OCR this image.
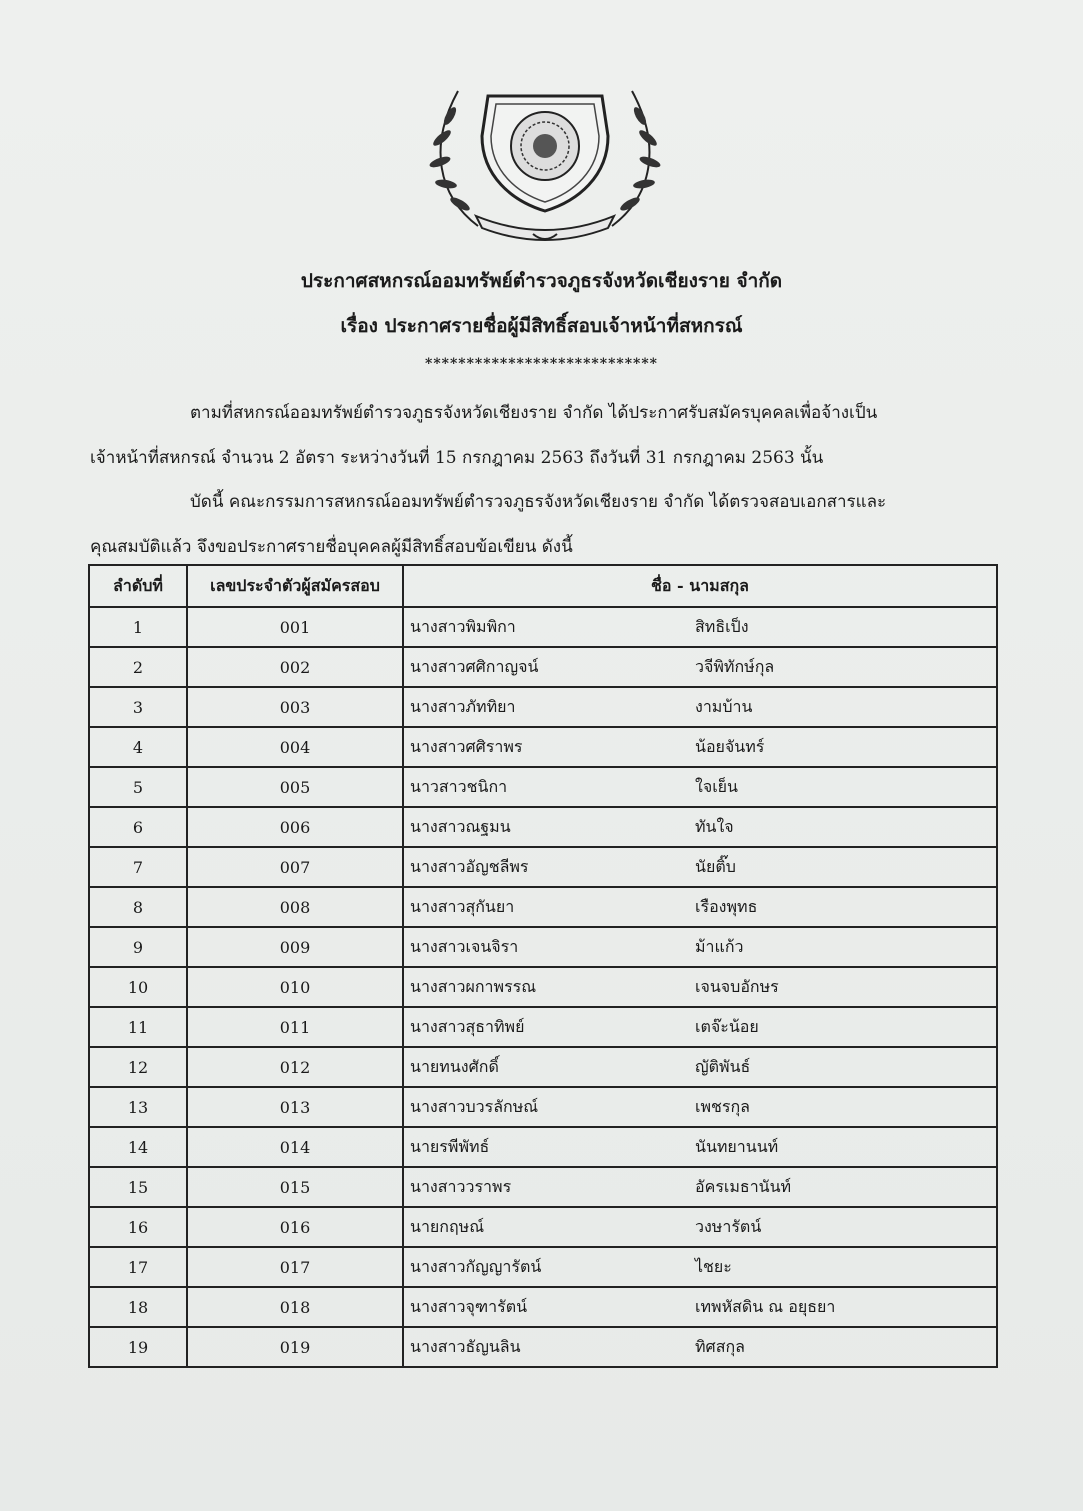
ประกาศสหกรณ์ออมทรัพย์ตำรวจภูธรจังหวัดเชียงราย จำกัด
เรื่อง ประกาศรายชื่อผู้มีสิทธิ์สอบเจ้าหน้าที่สหกรณ์
****************************
ตามที่สหกรณ์ออมทรัพย์ตำรวจภูธรจังหวัดเชียงราย จำกัด ได้ประกาศรับสมัครบุคคลเพื่อจ้างเป็น
เจ้าหน้าที่สหกรณ์ จำนวน 2 อัตรา ระหว่างวันที่ 15 กรกฎาคม 2563 ถึงวันที่ 31 กรกฎาคม 2563 นั้น
บัดนี้ คณะกรรมการสหกรณ์ออมทรัพย์ตำรวจภูธรจังหวัดเชียงราย จำกัด ได้ตรวจสอบเอกสารและ
คุณสมบัติแล้ว จึงขอประกาศรายชื่อบุคคลผู้มีสิทธิ์สอบข้อเขียน ดังนี้
ลำดับที่	เลขประจำตัวผู้สมัครสอบ	ชื่อ - นามสกุล
1	001	นางสาวพิมพิกา สิทธิเป็ง

2	002	นางสาวศศิกาญจน์ วจีพิทักษ์กุล

3	003	นางสาวภัททิยา งามบ้าน

4	004	นางสาวศศิราพร น้อยจันทร์

5	005	นาวสาวชนิกา ใจเย็น

6	006	นางสาวณฐมน ทันใจ

7	007	นางสาวอัญชลีพร นัยติ๊บ

8	008	นางสาวสุกันยา เรืองพุทธ

9	009	นางสาวเจนจิรา ม้าแก้ว

10	010	นางสาวผกาพรรณ เจนจบอักษร

11	011	นางสาวสุธาทิพย์ เตจ๊ะน้อย

12	012	นายทนงศักดิ์ ญัติพันธ์

13	013	นางสาวบวรลักษณ์ เพชรกุล

14	014	นายรพีพัทธ์ นันทยานนท์

15	015	นางสาววราพร อัครเมธานันท์

16	016	นายกฤษณ์ วงษารัตน์

17	017	นางสาวกัญญารัตน์ ไชยะ

18	018	นางสาวจุฑารัตน์ เทพหัสดิน ณ อยุธยา

19	019	นางสาวธัญนลิน ทิศสกุล
